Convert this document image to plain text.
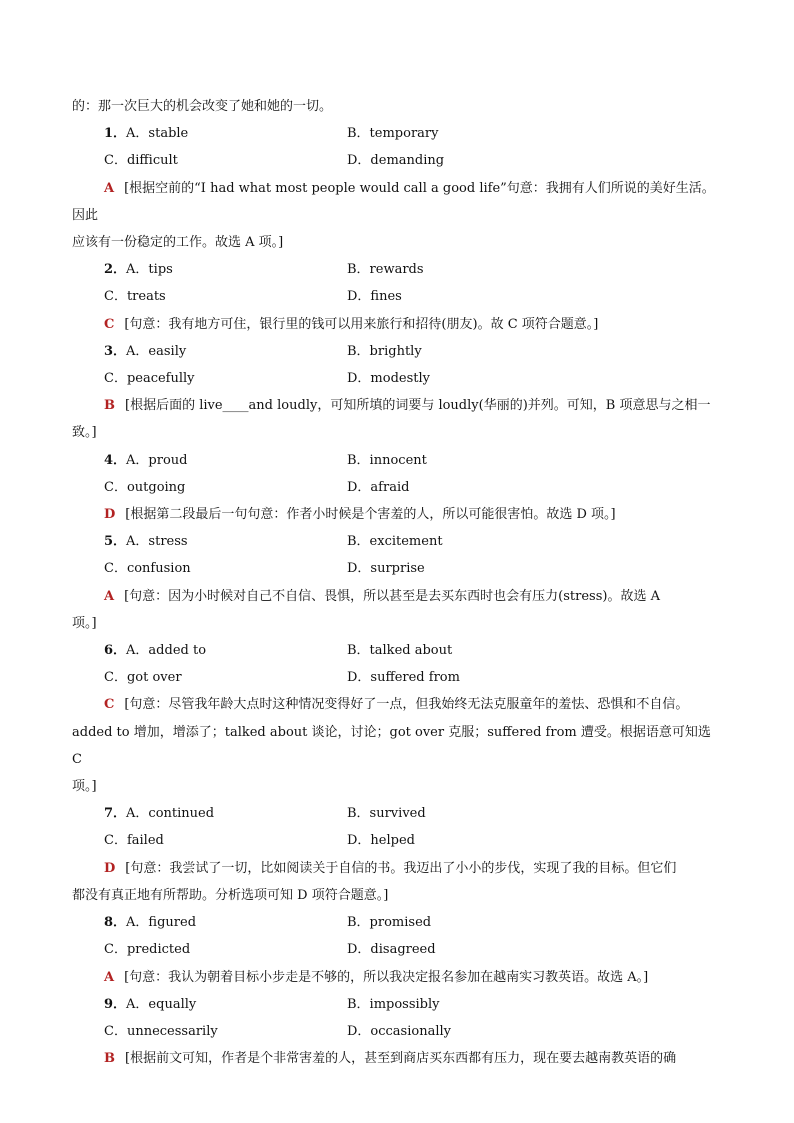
的：那一次巨大的机会改变了她和她的一切。
1．A．stable	B．temporary
C．difficult	D．demanding
A [根据空前的“I had what most people would call a good life”句意：我拥有人们所说的美好生活。因此
应该有一份稳定的工作。故选 A 项。]
2．A．tips	B．rewards
C．treats	D．fines
C [句意：我有地方可住，银行里的钱可以用来旅行和招待(朋友)。故 C 项符合题意。]
3．A．easily	B．brightly
C．peacefully	D．modestly
B [根据后面的 live____and loudly，可知所填的词要与 loudly(华丽的)并列。可知，B 项意思与之相一
致。]
4．A．proud	B．innocent
C．outgoing	D．afraid
D [根据第二段最后一句句意：作者小时候是个害羞的人，所以可能很害怕。故选 D 项。]
5．A．stress	B．excitement
C．confusion	D．surprise
A [句意：因为小时候对自己不自信、畏惧，所以甚至是去买东西时也会有压力(stress)。故选 A
项。]
6．A．added to	B．talked about
C．got over	D．suffered from
C [句意：尽管我年龄大点时这种情况变得好了一点，但我始终无法克服童年的羞怯、恐惧和不自信。
added to 增加，增添了；talked about 谈论，讨论；got over 克服；suffered from 遭受。根据语意可知选 C
项。]
7．A．continued	B．survived
C．failed	D．helped
D [句意：我尝试了一切，比如阅读关于自信的书。我迈出了小小的步伐，实现了我的目标。但它们
都没有真正地有所帮助。分析选项可知 D 项符合题意。]
8．A．figured	B．promised
C．predicted	D．disagreed
A [句意：我认为朝着目标小步走是不够的，所以我决定报名参加在越南实习教英语。故选 A。]
9．A．equally	B．impossibly
C．unnecessarily	D．occasionally
B [根据前文可知，作者是个非常害羞的人，甚至到商店买东西都有压力，现在要去越南教英语的确
